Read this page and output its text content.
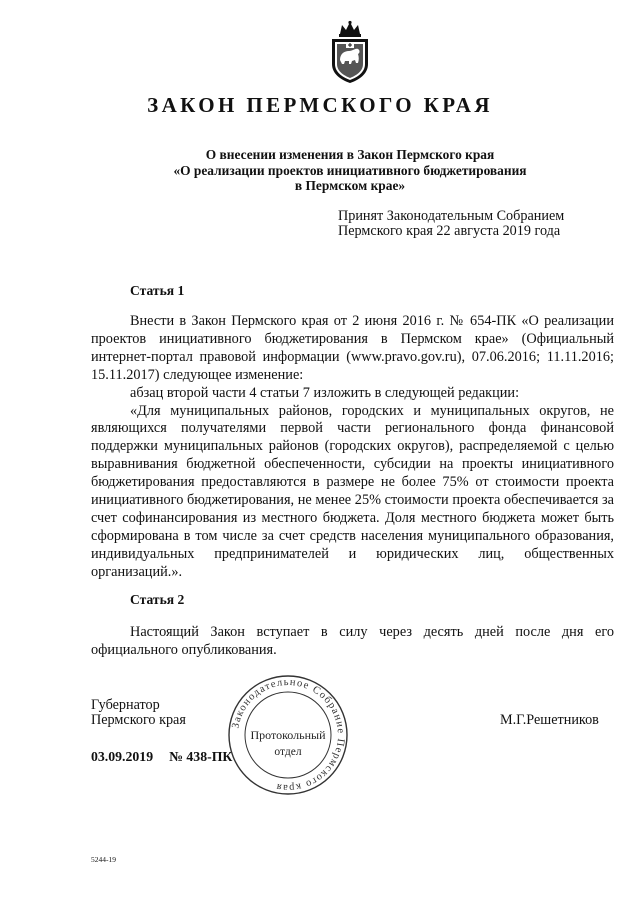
ЗАКОН ПЕРМСКОГО КРАЯ
О внесении изменения в Закон Пермского края
«О реализации проектов инициативного бюджетирования
в Пермском крае»
Принят Законодательным Собранием
Пермского края 22 августа 2019 года
Статья 1

Внести в Закон Пермского края от 2 июня 2016 г. № 654-ПК «О реализации проектов инициативного бюджетирования в Пермском крае» (Официальный интернет-портал правовой информации (www.pravo.gov.ru), 07.06.2016; 11.11.2016; 15.11.2017) следующее изменение:

абзац второй части 4 статьи 7 изложить в следующей редакции:

«Для муниципальных районов, городских и муниципальных округов, не являющихся получателями первой части регионального фонда финансовой поддержки муниципальных районов (городских округов), распределяемой с целью выравнивания бюджетной обеспеченности, субсидии на проекты инициативного бюджетирования предоставляются в размере не более 75% от стоимости проекта инициативного бюджетирования, не менее 25% стоимости проекта обеспечивается за счет софинансирования из местного бюджета. Доля местного бюджета может быть сформирована в том числе за счет средств населения муниципального образования, индивидуальных предпринимателей и юридических лиц, общественных организаций.».

Статья 2

Настоящий Закон вступает в силу через десять дней после дня его официального опубликования.

Губернатор
Пермского края	М.Г.Решетников
03.09.2019 № 438-ПК
Законодательное Собрание Пермского края
Протокольный
отдел
5244-19
